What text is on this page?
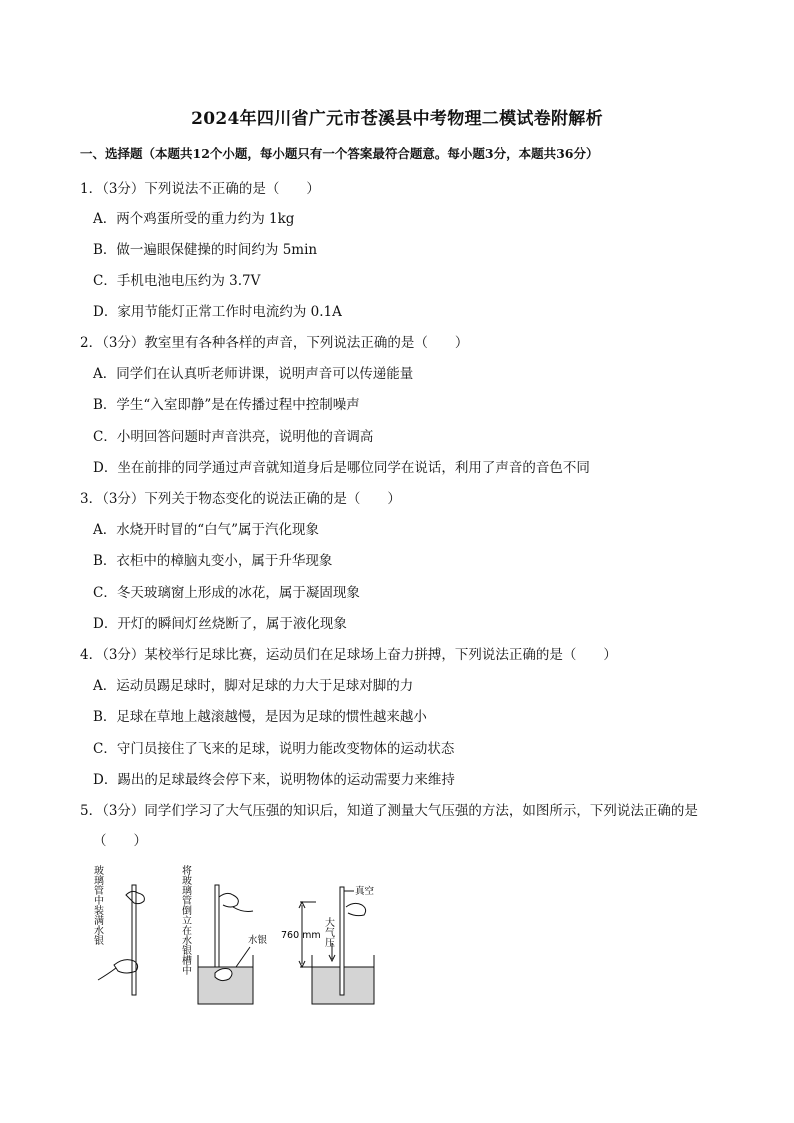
2024年四川省广元市苍溪县中考物理二模试卷附解析
一、选择题（本题共12个小题，每小题只有一个答案最符合题意。每小题3分，本题共36分）
1．（3分）下列说法不正确的是（　　）
A．两个鸡蛋所受的重力约为 1kg
B．做一遍眼保健操的时间约为 5min
C．手机电池电压约为 3.7V
D．家用节能灯正常工作时电流约为 0.1A
2．（3分）教室里有各种各样的声音，下列说法正确的是（　　）
A．同学们在认真听老师讲课，说明声音可以传递能量
B．学生“入室即静”是在传播过程中控制噪声
C．小明回答问题时声音洪亮，说明他的音调高
D．坐在前排的同学通过声音就知道身后是哪位同学在说话，利用了声音的音色不同
3．（3分）下列关于物态变化的说法正确的是（　　）
A．水烧开时冒的“白气”属于汽化现象
B．衣柜中的樟脑丸变小，属于升华现象
C．冬天玻璃窗上形成的冰花，属于凝固现象
D．开灯的瞬间灯丝烧断了，属于液化现象
4．（3分）某校举行足球比赛，运动员们在足球场上奋力拼搏，下列说法正确的是（　　）
A．运动员踢足球时，脚对足球的力大于足球对脚的力
B．足球在草地上越滚越慢，是因为足球的惯性越来越小
C．守门员接住了飞来的足球，说明力能改变物体的运动状态
D．踢出的足球最终会停下来，说明物体的运动需要力来维持
5．（3分）同学们学习了大气压强的知识后，知道了测量大气压强的方法，如图所示，下列说法正确的是
（　　）
玻璃管中装满水银	将玻璃管倒立在水银槽中	水银
真空
760 mm 大气压
